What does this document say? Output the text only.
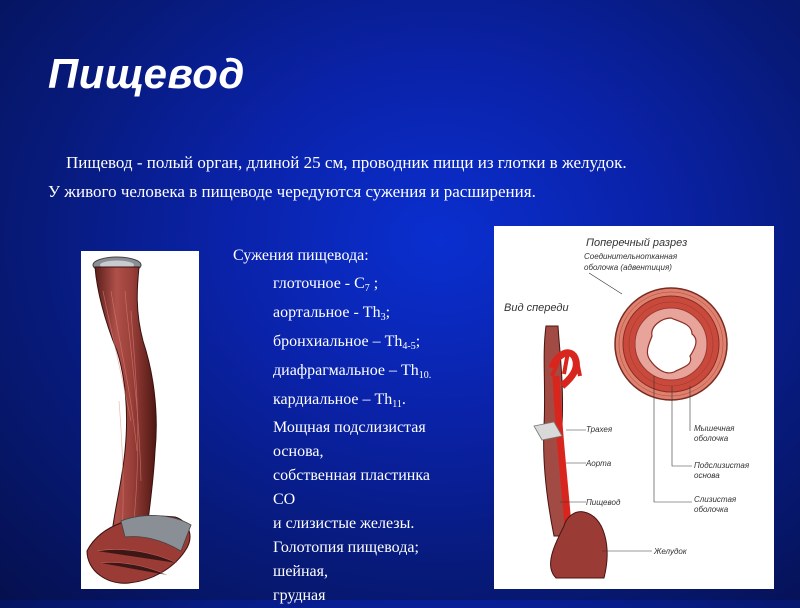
Пищевод
Пищевод - полый орган, длиной 25 см, проводник пищи из глотки в желудок.
У живого человека в пищеводе чередуются сужения и расширения.
Сужения пищевода:
глоточное - $C_7$ ;
аортальное - $Th_3$;
бронхиальное – $Th_{4-5}$;
диафрагмальное – $Th_{10.}$
кардиальное – $Th_{11}$.
Мощная подслизистая
основа,
собственная пластинка
СО
и слизистые железы.
Голотопия пищевода;
шейная,
грудная
Поперечный разрез
Соединительнотканная
оболочка (адвентиция)
Вид спереди
Трахея
Аорта
Пищевод
Желудок
Мышечная
оболочка
Подслизистая
основа
Слизистая
оболочка
